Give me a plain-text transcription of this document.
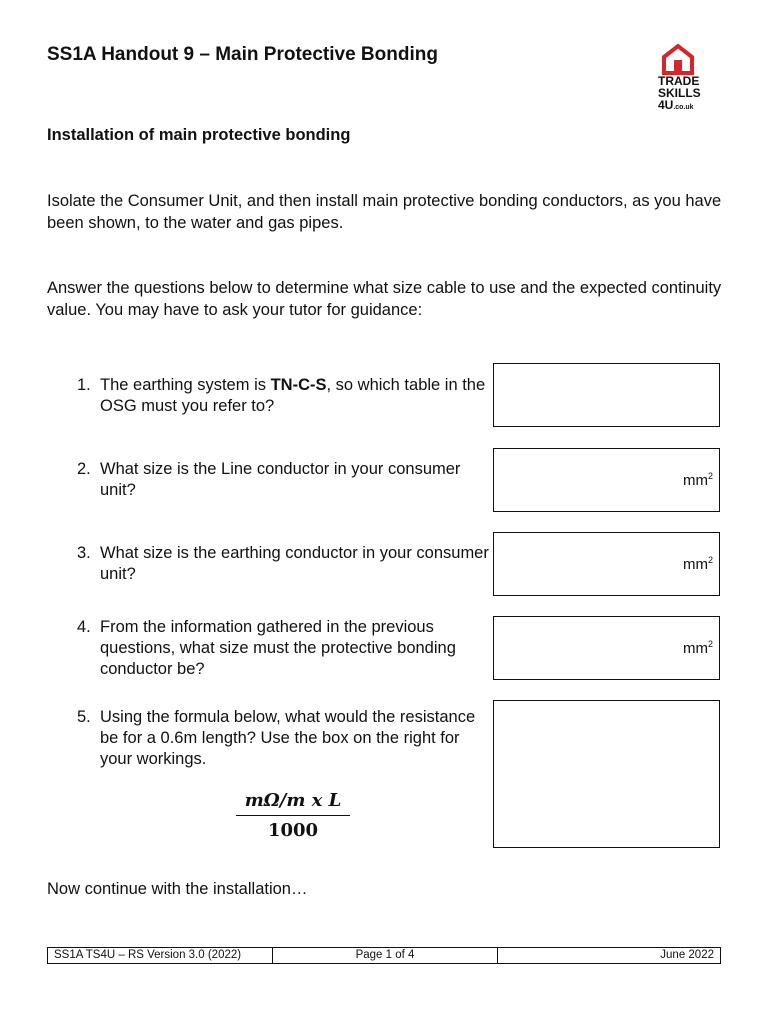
SS1A Handout 9 – Main Protective Bonding
TRADE
SKILLS
4U.co.uk
Installation of main protective bonding
Isolate the Consumer Unit, and then install main protective bonding conductors, as you have been shown, to the water and gas pipes.
Answer the questions below to determine what size cable to use and the expected continuity value. You may have to ask your tutor for guidance:
1. The earthing system is TN-C-S, so which table in the OSG must you refer to?
2. What size is the Line conductor in your consumer unit?
$mm^2$
3. What size is the earthing conductor in your consumer unit?
$mm^2$
4. From the information gathered in the previous questions, what size must the protective bonding conductor be?
$mm^2$
5. Using the formula below, what would the resistance be for a 0.6m length? Use the box on the right for your workings.
$\frac{\text{mΩ/m x L}}{1000}$
Now continue with the installation…
SS1A TS4U – RS Version 3.0 (2022)	Page 1 of 4	June 2022
